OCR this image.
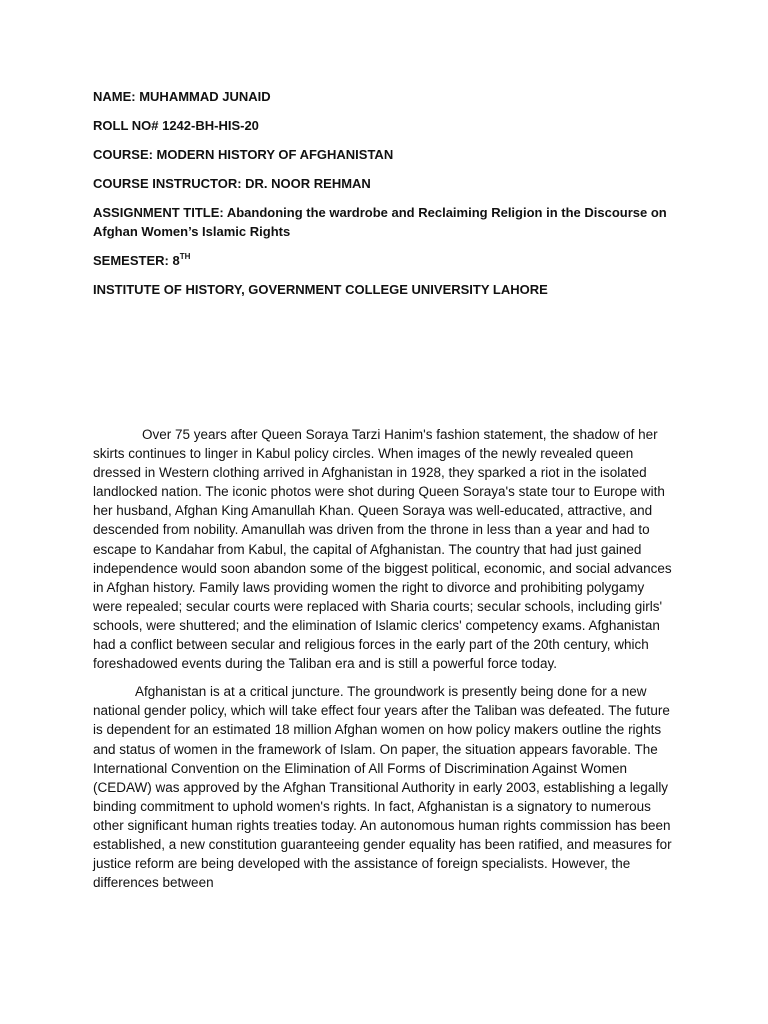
NAME: MUHAMMAD JUNAID
ROLL NO# 1242-BH-HIS-20
COURSE: MODERN HISTORY OF AFGHANISTAN
COURSE INSTRUCTOR: DR. NOOR REHMAN
ASSIGNMENT TITLE: Abandoning the wardrobe and Reclaiming Religion in the Discourse on Afghan Women’s Islamic Rights
SEMESTER: 8TH
INSTITUTE OF HISTORY, GOVERNMENT COLLEGE UNIVERSITY LAHORE

Over 75 years after Queen Soraya Tarzi Hanim's fashion statement, the shadow of her skirts continues to linger in Kabul policy circles. When images of the newly revealed queen dressed in Western clothing arrived in Afghanistan in 1928, they sparked a riot in the isolated landlocked nation. The iconic photos were shot during Queen Soraya's state tour to Europe with her husband, Afghan King Amanullah Khan. Queen Soraya was well-educated, attractive, and descended from nobility. Amanullah was driven from the throne in less than a year and had to escape to Kandahar from Kabul, the capital of Afghanistan. The country that had just gained independence would soon abandon some of the biggest political, economic, and social advances in Afghan history. Family laws providing women the right to divorce and prohibiting polygamy were repealed; secular courts were replaced with Sharia courts; secular schools, including girls' schools, were shuttered; and the elimination of Islamic clerics' competency exams. Afghanistan had a conflict between secular and religious forces in the early part of the 20th century, which foreshadowed events during the Taliban era and is still a powerful force today.

Afghanistan is at a critical juncture. The groundwork is presently being done for a new national gender policy, which will take effect four years after the Taliban was defeated. The future is dependent for an estimated 18 million Afghan women on how policy makers outline the rights and status of women in the framework of Islam. On paper, the situation appears favorable. The International Convention on the Elimination of All Forms of Discrimination Against Women (CEDAW) was approved by the Afghan Transitional Authority in early 2003, establishing a legally binding commitment to uphold women's rights. In fact, Afghanistan is a signatory to numerous other significant human rights treaties today. An autonomous human rights commission has been established, a new constitution guaranteeing gender equality has been ratified, and measures for justice reform are being developed with the assistance of foreign specialists. However, the differences between
